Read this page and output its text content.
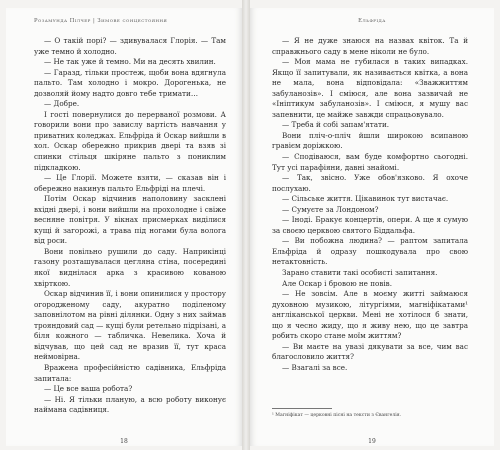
Розамунда Пілчер | Зимове сонцестояння

— О такій порі? — здивувалася Глорія. — Там уже темно й холодно.

— Не так уже й темно. Ми на десять хвилин.

— Гаразд, тільки простеж, щоби вона вдягнула пальто. Там холодно і мокро. Дорогенька, не дозволяй йому надто довго тебе тримати…

— Добре.

І гості повернулися до перерваної розмови. А говорили вони про завислу вартість навчання у приватних коледжах. Ельфріда й Оскар вийшли в хол. Оскар обережно прикрив двері та взяв зі спинки стільця шкіряне пальто з пониклим підкладкою.

— Це Глорії. Можете взяти, — сказав він і обережно накинув пальто Ельфріді на плечі.

Потім Оскар відчинив наполовину засклені вхідні двері, і вони вийшли на прохолодне і свіже весняне повітря. У вікнах присмерках виділися кущі й загорожі, а трава під ногами була волога від роси.

Вони повільно рушили до саду. Наприкінці газону розташувалася цегляна стіна, посередині якої виднілася арка з красивою кованою хвірткою.

Оскар відчинив її, і вони опинилися у простору огородженому саду, акуратно поділеному заповнілотом на рівні ділянки. Одну з них займав трояндовий сад — кущі були ретельно підрізані, а біля кожного — табличка. Невелика. Хоча й відчував, що цей сад не вразив її, тут краса неймовірна.

Вражена професійністю садівника, Ельфріда запитала:

— Це все ваша робота?

— Ні. Я тільки планую, а всю роботу виконує наймана садівниця.

18
Ельфріда

— Я не дуже знаюся на назвах квіток. Та й справжнього саду в мене ніколи не було.

— Моя мама не губилася в таких випадках. Якщо її запитували, як називається квітка, а вона не мала, вона відповідала: «Зважжиттям забуланозів». І сміюся, але вона зазвичай не «Ініптикум забуланозів». І сміюся, я мушу вас запевнити, це майже завжди спрацьовувало.

— Треба й собі запам'ятати.

Вони пліч-о-пліч йшли широкою всипаною гравієм доріжкою.

— Сподіваюся, вам буде комфортно сьогодні. Тут усі парафіяни, давні знайомі.

— Так, звісно. Уже обов'язково. Я охоче послухаю.

— Сільське життя. Цікавинок тут вистачає.

— Сумуєте за Лондоном?

— Іноді. Бракує концертів, опери. А ще я сумую за своєю церквою святого Біддальфа.

— Ви побожна людина? — раптом запитала Ельфріда й одразу пошкодувала про свою нетактовність.

Зарано ставити такі особисті запитання.

Але Оскар і бровою не повів.

— Не зовсім. Але в моєму житті займаюся духовною музикою, літургіями, магніфікатами¹ англіканської церкви. Мені не хотілося б знати, що я чесно жиду, що я живу нею, що це завтра робить скоро стане моїм життям?

— Ви маєте на увазі дякувати за все, чим вас благословило життя?

— Взагалі за все.

¹ Магніфікат — церковні пісні на тексти з Євангелія.
19
